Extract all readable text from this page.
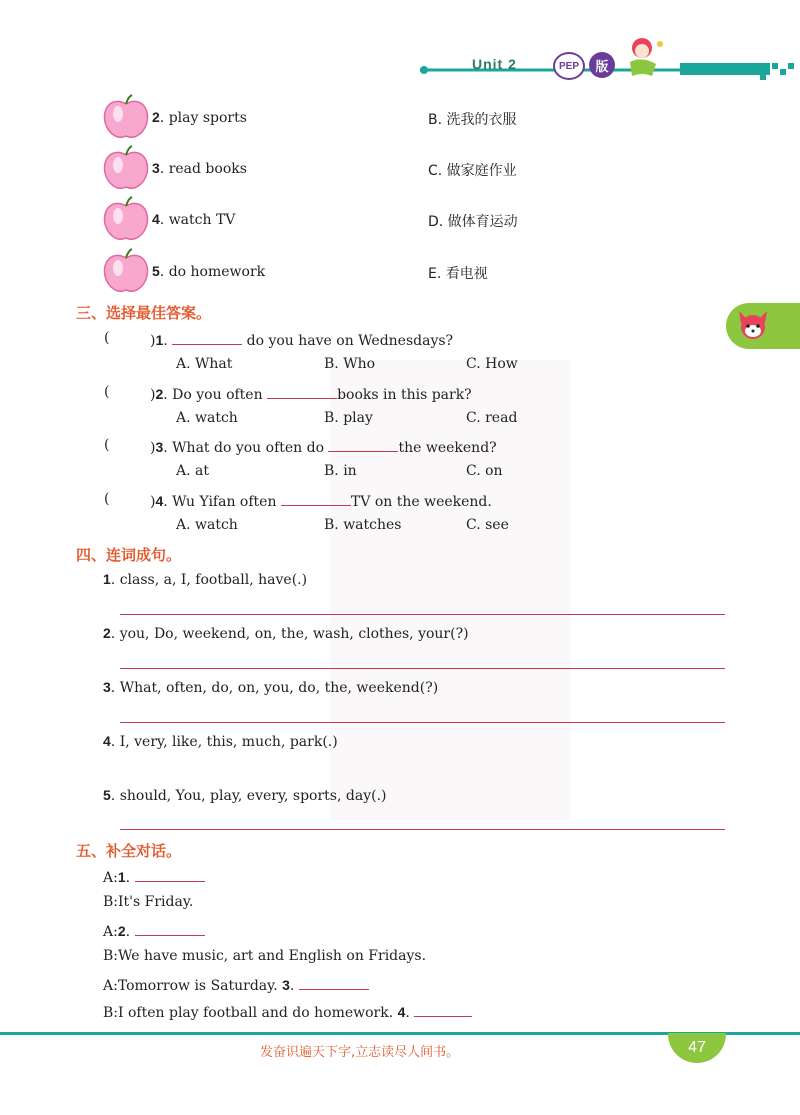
Unit 2	PEP	版
2. play sports	B. 洗我的衣服
3. read books	C. 做家庭作业
4. watch TV	D. 做体育运动
5. do homework	E. 看电视
三、选择最佳答案。
(	)1.	do you have on Wednesdays?
A. What	B. Who	C. How
(	)2. Do you often	books in this park?
A. watch	B. play	C. read
(	)3. What do you often do	the weekend?
A. at	B. in	C. on
(	)4. Wu Yifan often	TV on the weekend.
A. watch	B. watches	C. see
四、连词成句。
1. class, a, I, football, have(.)
2. you, Do, weekend, on, the, wash, clothes, your(?)
3. What, often, do, on, you, do, the, weekend(?)
4. I, very, like, this, much, park(.)
5. should, You, play, every, sports, day(.)
五、补全对话。
A:1.
B:It's Friday.
A:2.
B:We have music, art and English on Fridays.
A:Tomorrow is Saturday. 3.
B:I often play football and do homework. 4.
发奋识遍天下字,立志读尽人间书。	47
